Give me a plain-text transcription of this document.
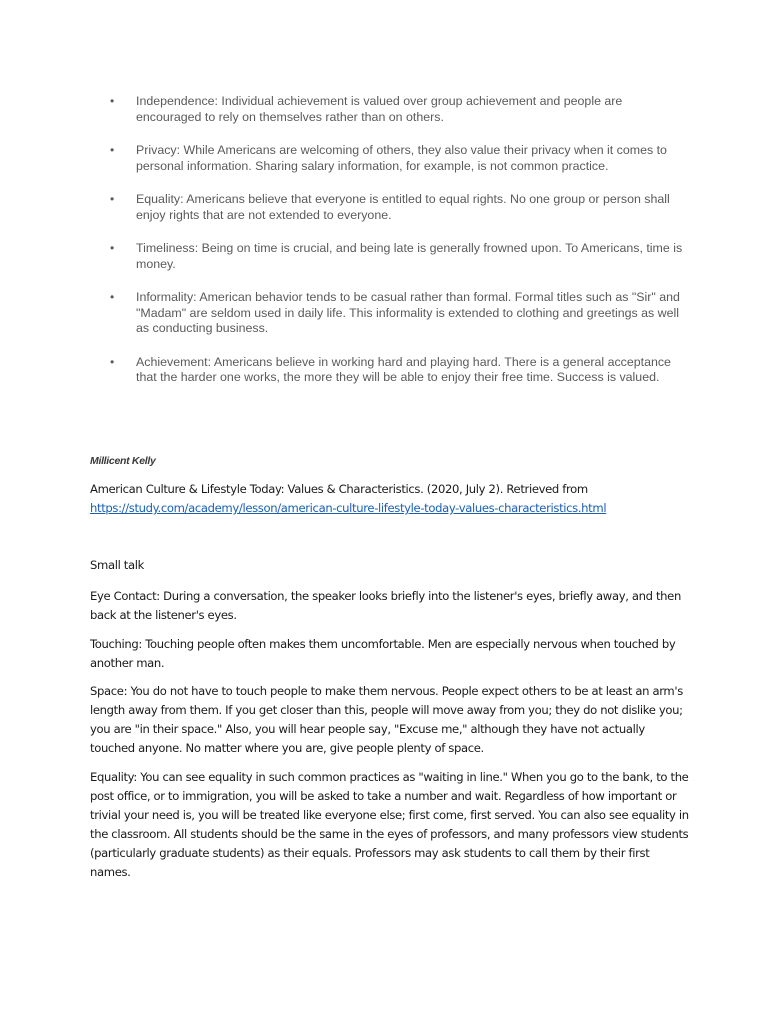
• Independence: Individual achievement is valued over group achievement and people are encouraged to rely on themselves rather than on others.
• Privacy: While Americans are welcoming of others, they also value their privacy when it comes to personal information. Sharing salary information, for example, is not common practice.
• Equality: Americans believe that everyone is entitled to equal rights. No one group or person shall enjoy rights that are not extended to everyone.
• Timeliness: Being on time is crucial, and being late is generally frowned upon. To Americans, time is money.
• Informality: American behavior tends to be casual rather than formal. Formal titles such as "Sir" and "Madam" are seldom used in daily life. This informality is extended to clothing and greetings as well as conducting business.
• Achievement: Americans believe in working hard and playing hard. There is a general acceptance that the harder one works, the more they will be able to enjoy their free time. Success is valued.
Millicent Kelly
American Culture & Lifestyle Today: Values & Characteristics. (2020, July 2). Retrieved from
https://study.com/academy/lesson/american-culture-lifestyle-today-values-characteristics.html
Small talk

Eye Contact: During a conversation, the speaker looks briefly into the listener's eyes, briefly away, and then back at the listener's eyes.

Touching: Touching people often makes them uncomfortable. Men are especially nervous when touched by another man.

Space: You do not have to touch people to make them nervous. People expect others to be at least an arm's length away from them. If you get closer than this, people will move away from you; they do not dislike you; you are "in their space." Also, you will hear people say, "Excuse me," although they have not actually touched anyone. No matter where you are, give people plenty of space.

Equality: You can see equality in such common practices as "waiting in line." When you go to the bank, to the post office, or to immigration, you will be asked to take a number and wait. Regardless of how important or trivial your need is, you will be treated like everyone else; first come, first served. You can also see equality in the classroom. All students should be the same in the eyes of professors, and many professors view students (particularly graduate students) as their equals. Professors may ask students to call them by their first names.
